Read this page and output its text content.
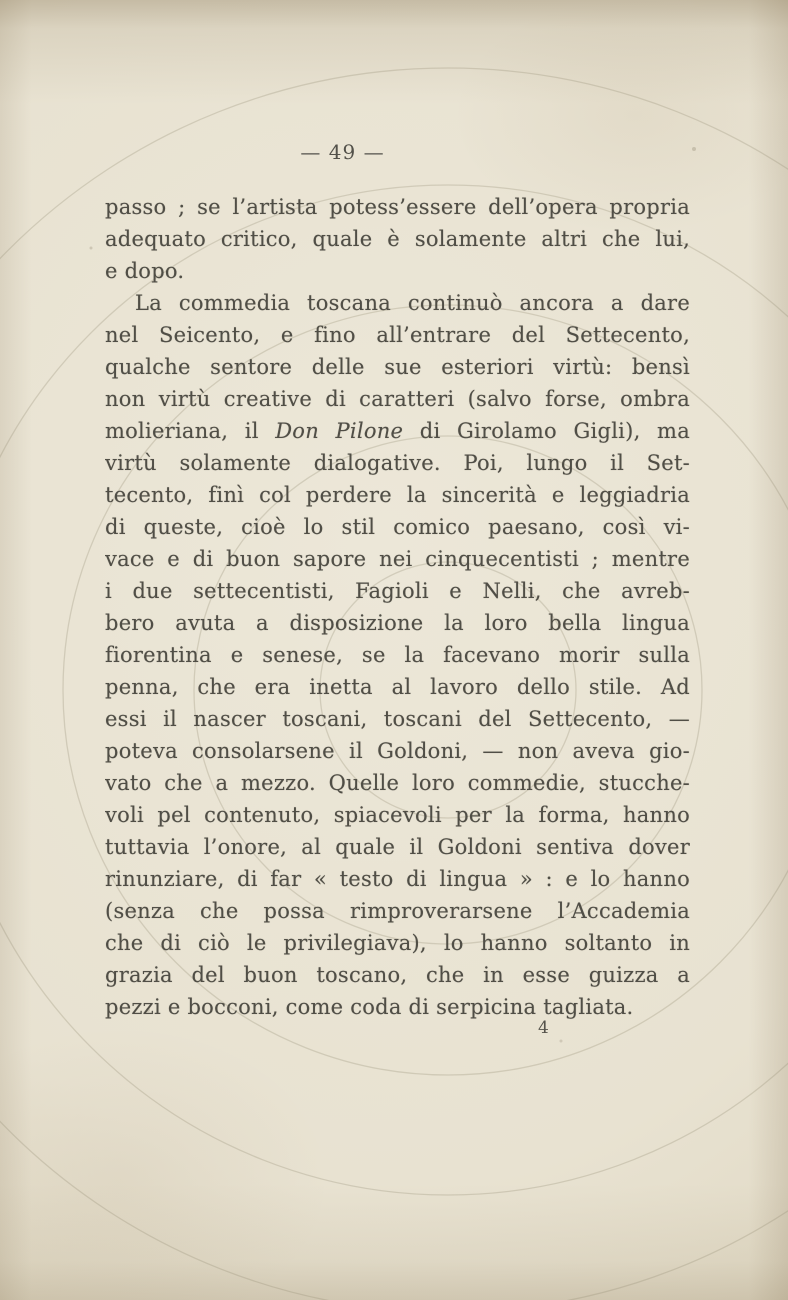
— 49 —
passo ; se l’artista potess’essere dell’opera propria
adequato critico, quale è solamente altri che lui,
e dopo.
La commedia toscana continuò ancora a dare
nel Seicento, e fino all’entrare del Settecento,
qualche sentore delle sue esteriori virtù: bensì
non virtù creative di caratteri (salvo forse, ombra
molieriana, il Don Pilone di Girolamo Gigli), ma
virtù solamente dialogative. Poi, lungo il Set-
tecento, finì col perdere la sincerità e leggiadria
di queste, cioè lo stil comico paesano, così vi-
vace e di buon sapore nei cinquecentisti ; mentre
i due settecentisti, Fagioli e Nelli, che avreb-
bero avuta a disposizione la loro bella lingua
fiorentina e senese, se la facevano morir sulla
penna, che era inetta al lavoro dello stile. Ad
essi il nascer toscani, toscani del Settecento, —
poteva consolarsene il Goldoni, — non aveva gio-
vato che a mezzo. Quelle loro commedie, stucche-
voli pel contenuto, spiacevoli per la forma, hanno
tuttavia l’onore, al quale il Goldoni sentiva dover
rinunziare, di far « testo di lingua » : e lo hanno
(senza che possa rimproverarsene l’Accademia
che di ciò le privilegiava), lo hanno soltanto in
grazia del buon toscano, che in esse guizza a
pezzi e bocconi, come coda di serpicina tagliata.
4
